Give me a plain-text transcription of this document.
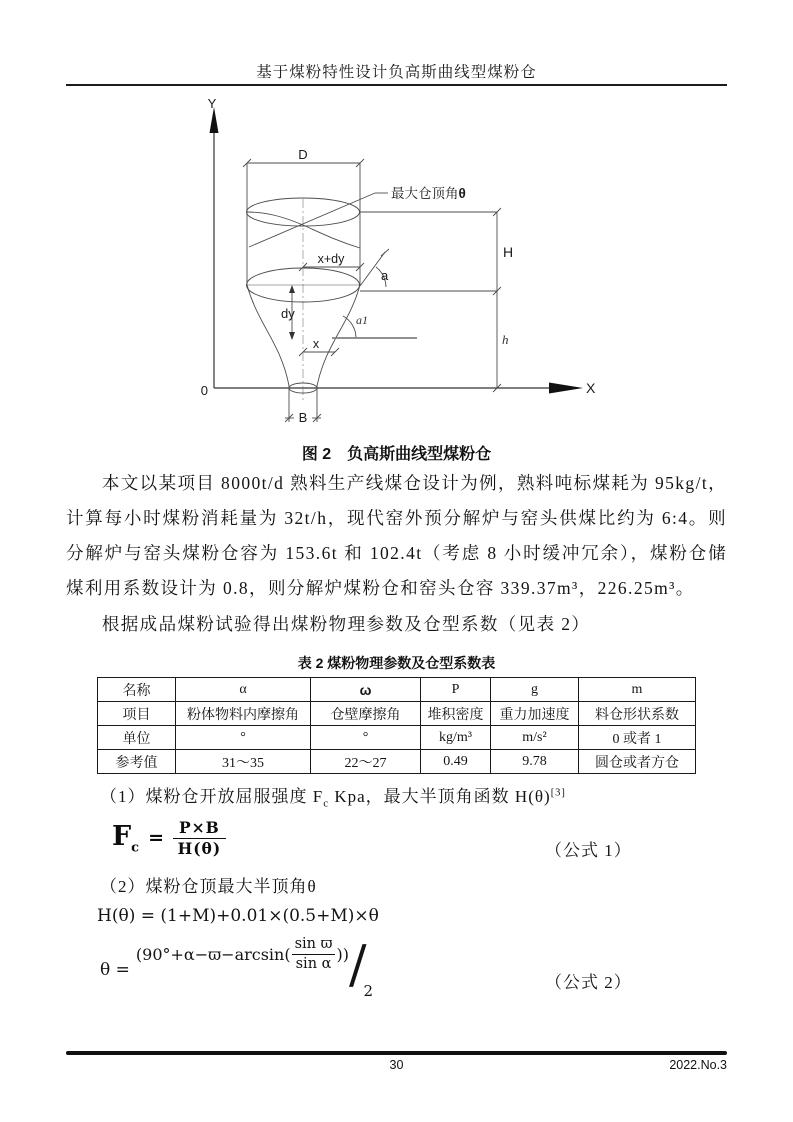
基于煤粉特性设计负高斯曲线型煤粉仓
Y
X
0
D
最大仓顶角θ
x+dy
a
dy	a1
x
B
H
h
图 2　负高斯曲线型煤粉仓
本文以某项目 8000t/d 熟料生产线煤仓设计为例，熟料吨标煤耗为 95kg/t，计算每小时煤粉消耗量为 32t/h，现代窑外预分解炉与窑头供煤比约为 6:4。则分解炉与窑头煤粉仓容为 153.6t 和 102.4t（考虑 8 小时缓冲冗余），煤粉仓储煤利用系数设计为 0.8，则分解炉煤粉仓和窑头仓容 339.37m³，226.25m³。
根据成品煤粉试验得出煤粉物理参数及仓型系数（见表 2）
表 2 煤粉物理参数及仓型系数表
名称	α	ω	P	g	m
项目	粉体物料内摩擦角	仓壁摩擦角	堆积密度	重力加速度	料仓形状系数
单位	°	°	kg/m³	m/s²	0 或者 1
参考值	31～35	22～27	0.49	9.78	圆仓或者方仓
（1）煤粉仓开放屈服强度 $F_c$ Kpa，最大半顶角函数 H(θ)[3]
$F_c = \frac{P\times B}{H(\theta)}$	（公式 1）
（2）煤粉仓顶最大半顶角θ
H(θ) = (1+M)+0.01×(0.5+M)×θ
θ =
($90^\circ+\alpha-ϖ-\arcsin( \frac{\text{sin ϖ}}{\text{sin α}}$ )) ∕
2	（公式 2）
30	2022.No.3
